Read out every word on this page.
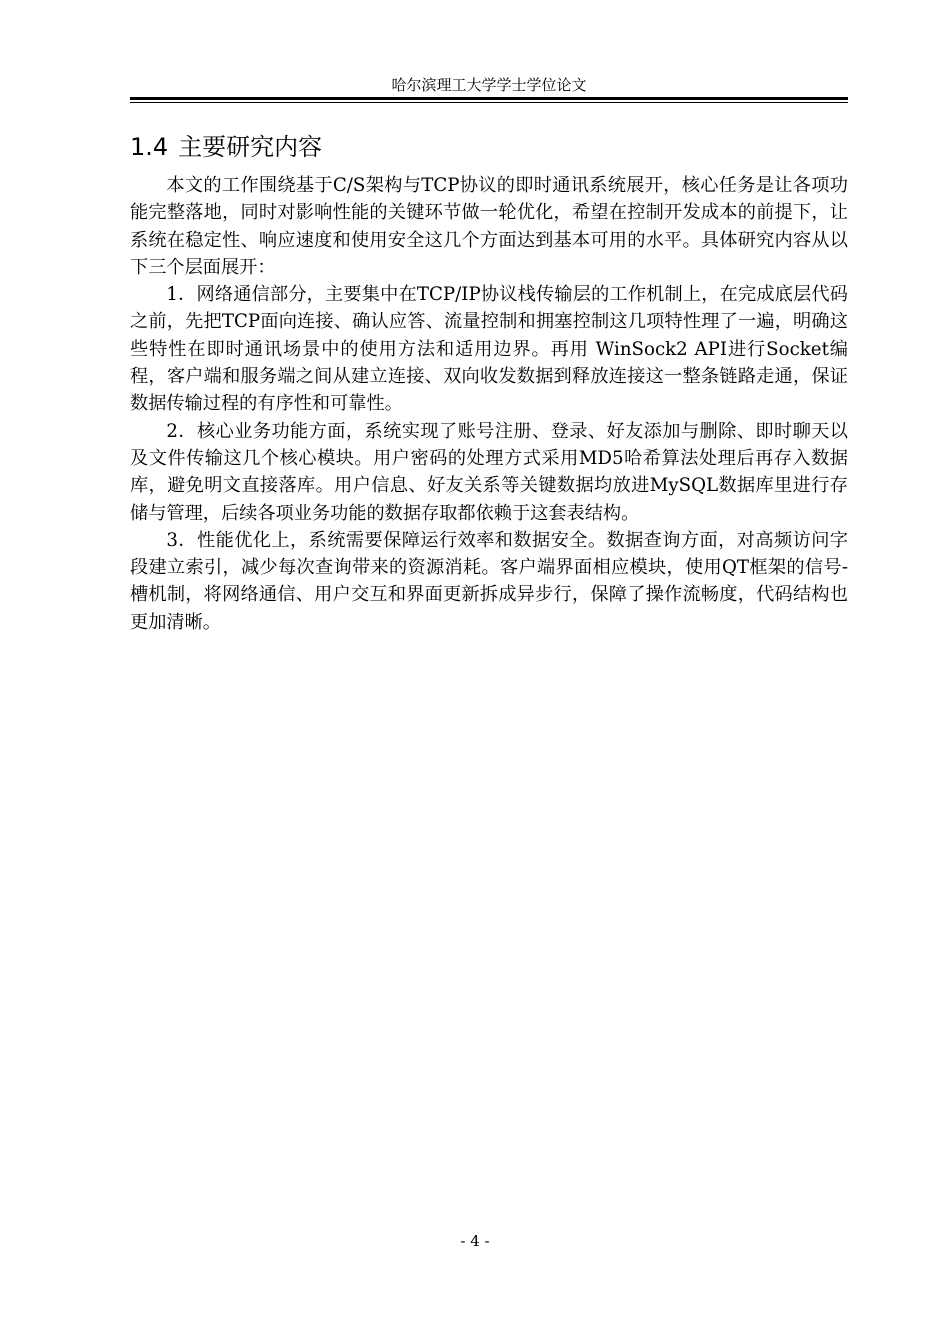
哈尔滨理工大学学士学位论文
1.4 主要研究内容

本文的工作围绕基于C/S架构与TCP协议的即时通讯系统展开，核心任务是让各项功能完整落地，同时对影响性能的关键环节做一轮优化，希望在控制开发成本的前提下，让系统在稳定性、响应速度和使用安全这几个方面达到基本可用的水平。具体研究内容从以下三个层面展开：

1．网络通信部分，主要集中在TCP/IP协议栈传输层的工作机制上，在完成底层代码之前，先把TCP面向连接、确认应答、流量控制和拥塞控制这几项特性理了一遍，明确这些特性在即时通讯场景中的使用方法和适用边界。再用 WinSock2 API进行Socket编程，客户端和服务端之间从建立连接、双向收发数据到释放连接这一整条链路走通，保证数据传输过程的有序性和可靠性。

2．核心业务功能方面，系统实现了账号注册、登录、好友添加与删除、即时聊天以及文件传输这几个核心模块。用户密码的处理方式采用MD5哈希算法处理后再存入数据库，避免明文直接落库。用户信息、好友关系等关键数据均放进MySQL数据库里进行存储与管理，后续各项业务功能的数据存取都依赖于这套表结构。

3．性能优化上，系统需要保障运行效率和数据安全。数据查询方面，对高频访问字段建立索引，减少每次查询带来的资源消耗。客户端界面相应模块，使用QT框架的信号-槽机制，将网络通信、用户交互和界面更新拆成异步行，保障了操作流畅度，代码结构也更加清晰。

- 4 -
